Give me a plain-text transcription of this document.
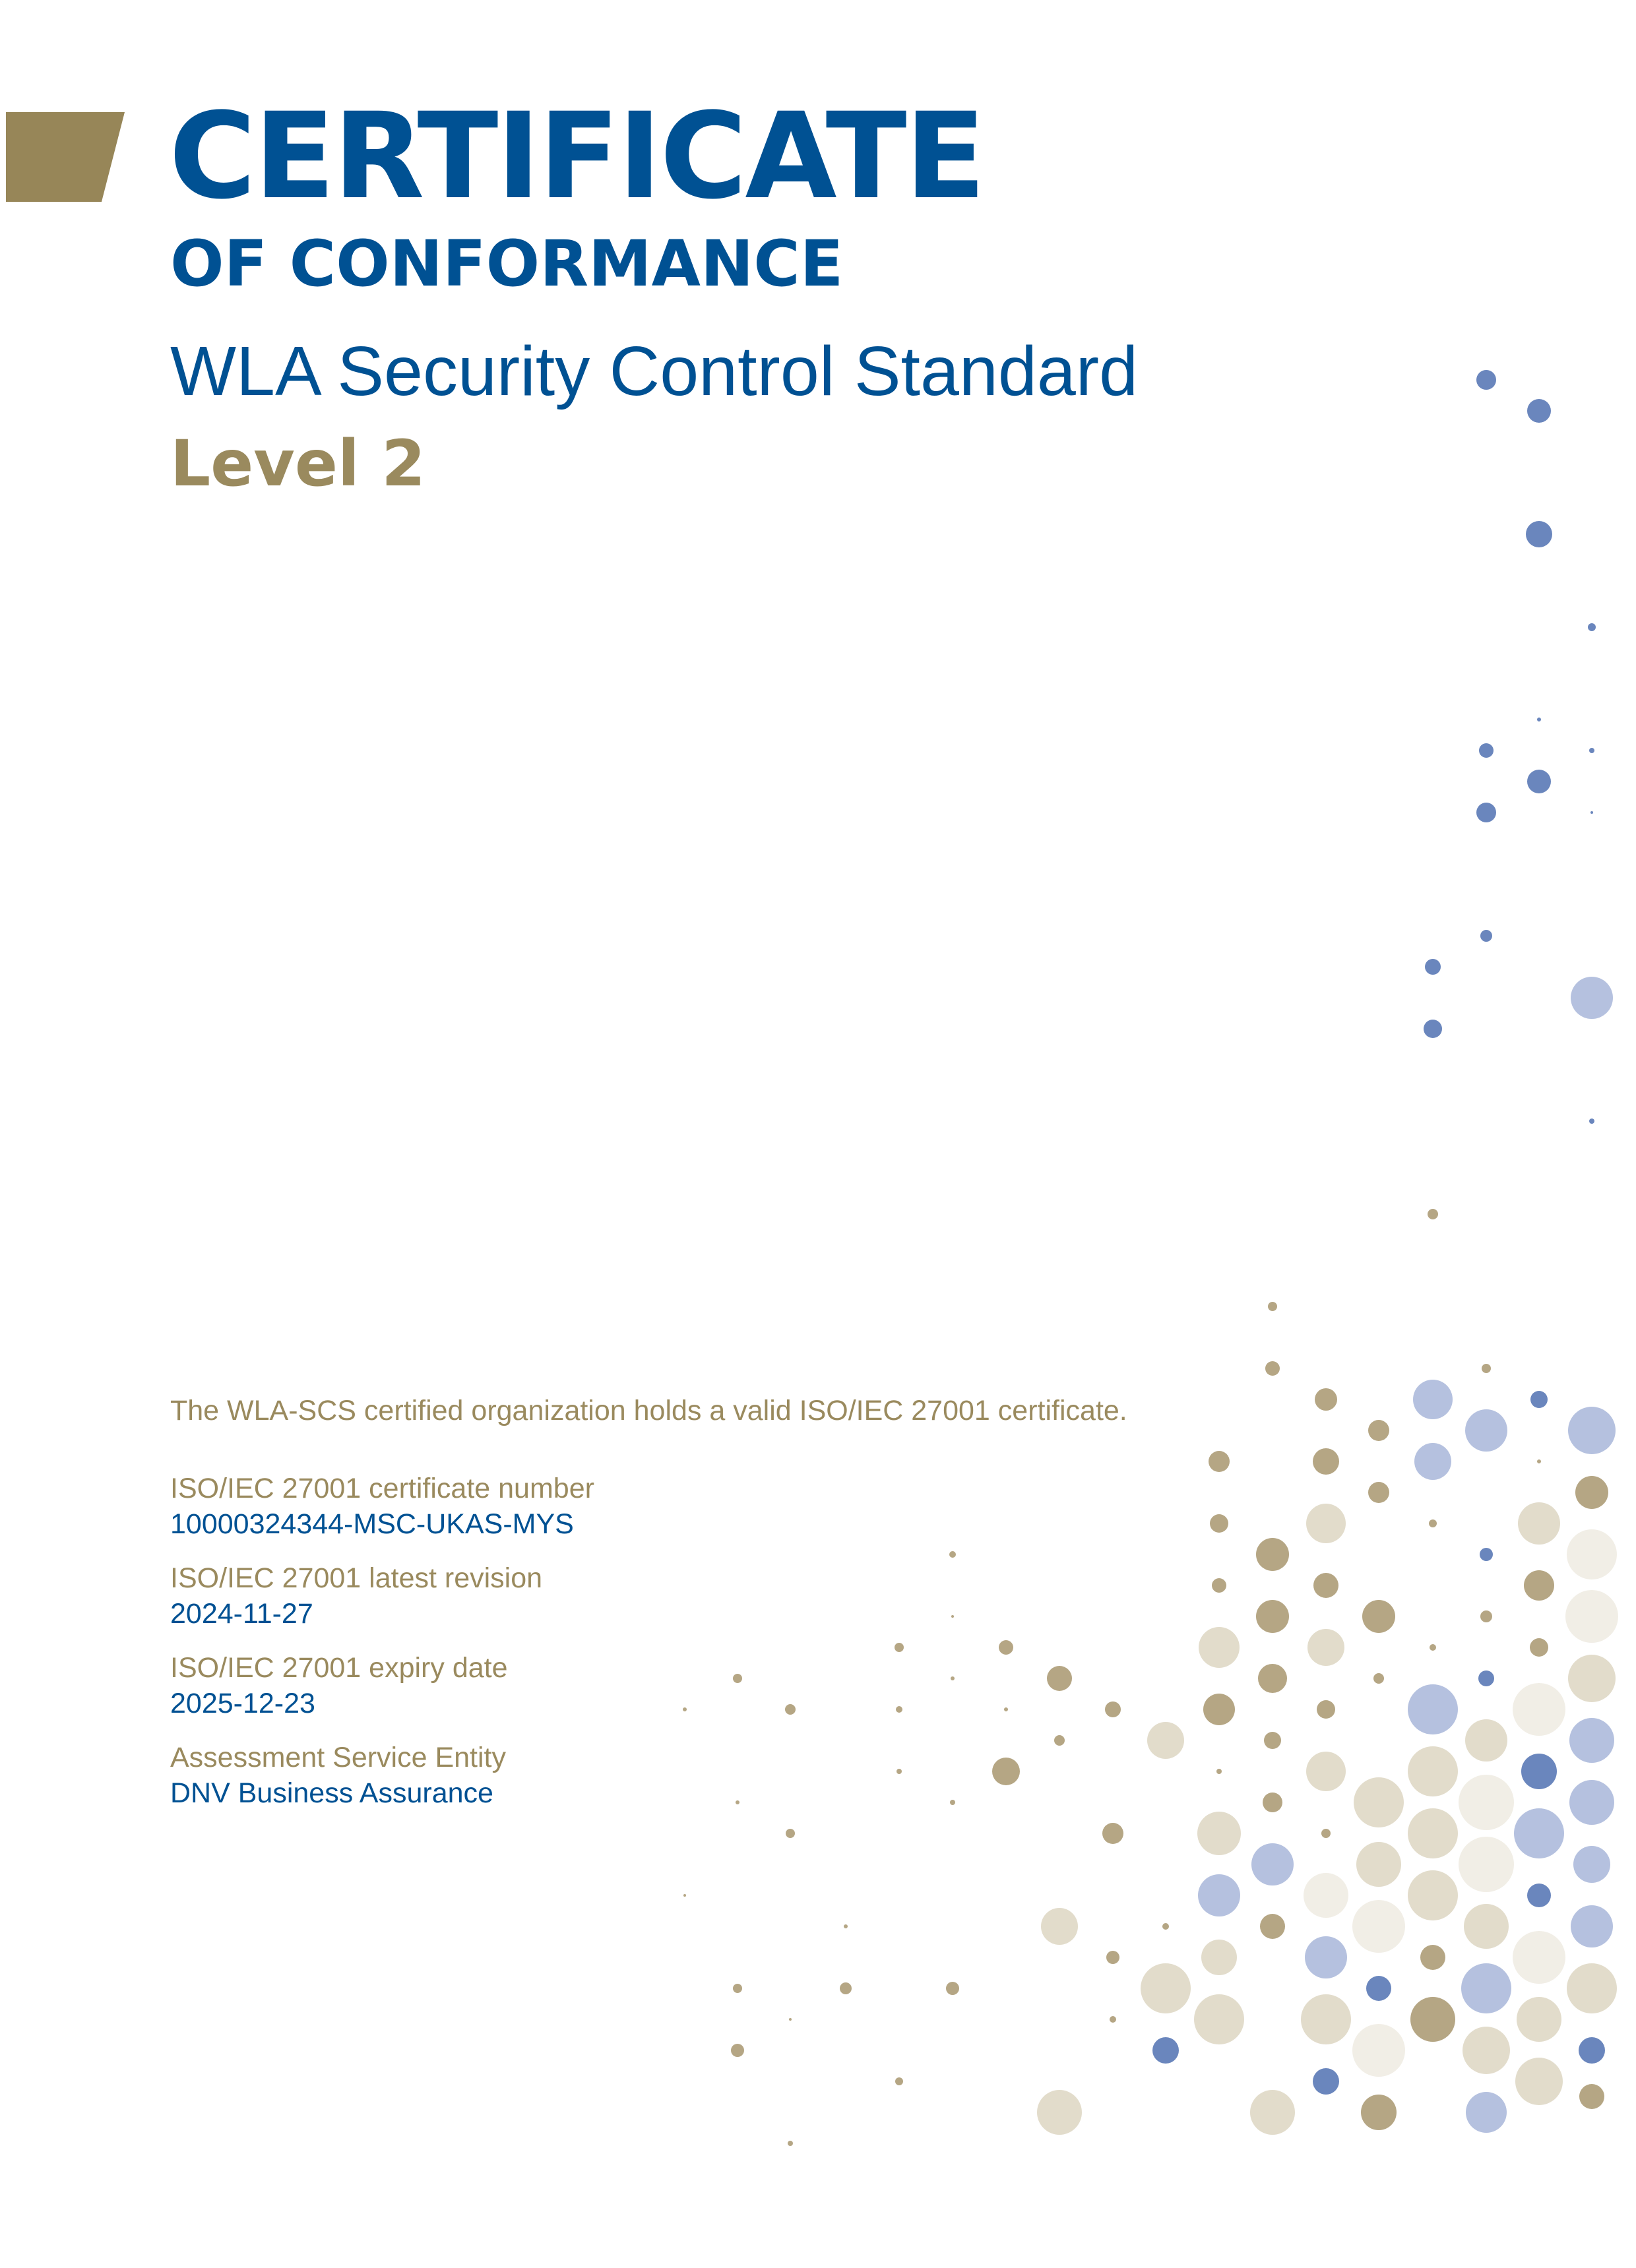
CERTIFICATE
OF CONFORMANCE
WLA Security Control Standard
Level 2
The WLA-SCS certified organization holds a valid ISO/IEC 27001 certificate.
ISO/IEC 27001 certificate number
10000324344-MSC-UKAS-MYS
ISO/IEC 27001 latest revision
2024-11-27
ISO/IEC 27001 expiry date
2025-12-23
Assessment Service Entity
DNV Business Assurance
